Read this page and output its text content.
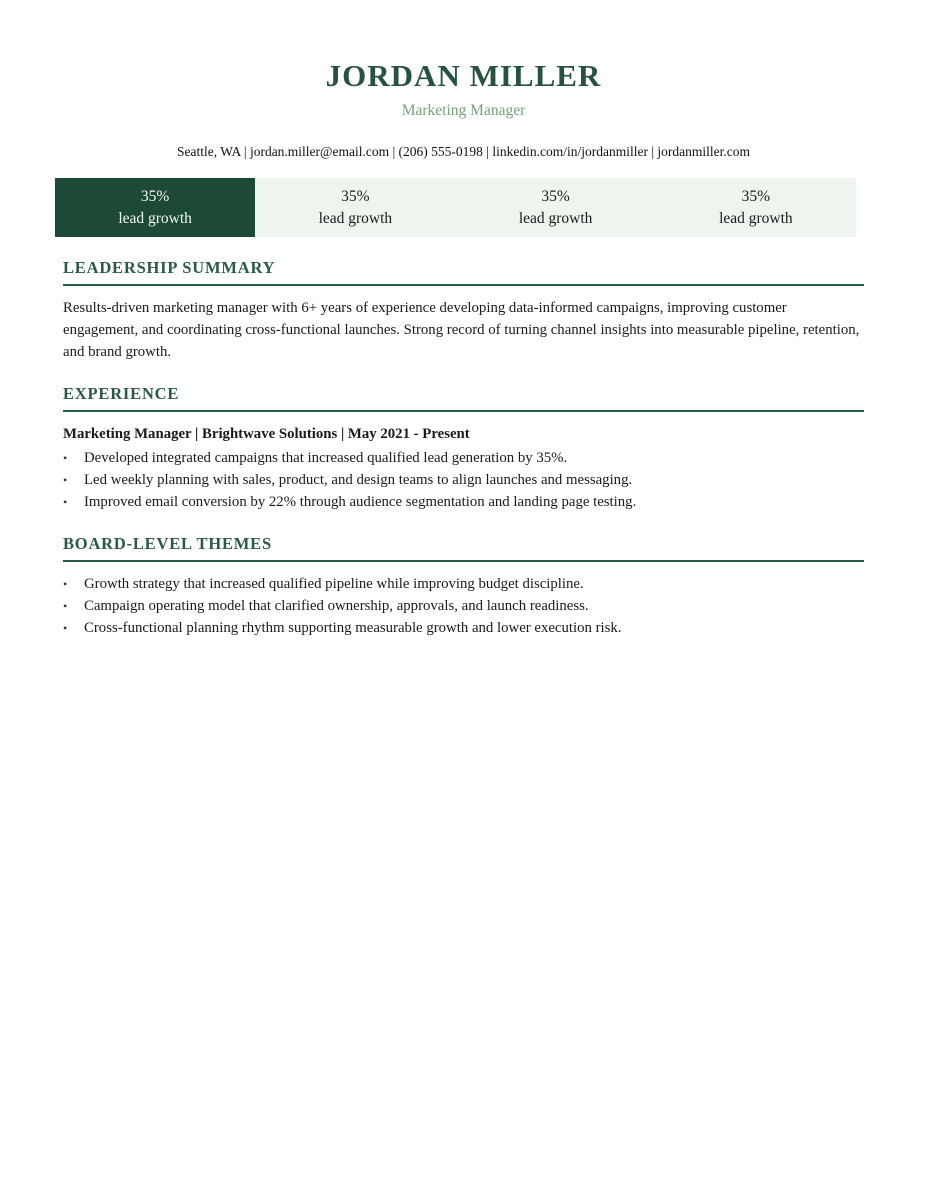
JORDAN MILLER
Marketing Manager
Seattle, WA | jordan.miller@email.com | (206) 555-0198 | linkedin.com/in/jordanmiller | jordanmiller.com
35%
lead growth
35%
lead growth
35%
lead growth
35%
lead growth
LEADERSHIP SUMMARY

Results-driven marketing manager with 6+ years of experience developing data-informed campaigns, improving customer engagement, and coordinating cross-functional launches. Strong record of turning channel insights into measurable pipeline, retention, and brand growth.

EXPERIENCE
Marketing Manager | Brightwave Solutions | May 2021 - Present
• Developed integrated campaigns that increased qualified lead generation by 35%.
• Led weekly planning with sales, product, and design teams to align launches and messaging.
• Improved email conversion by 22% through audience segmentation and landing page testing.
BOARD-LEVEL THEMES
• Growth strategy that increased qualified pipeline while improving budget discipline.
• Campaign operating model that clarified ownership, approvals, and launch readiness.
• Cross-functional planning rhythm supporting measurable growth and lower execution risk.
